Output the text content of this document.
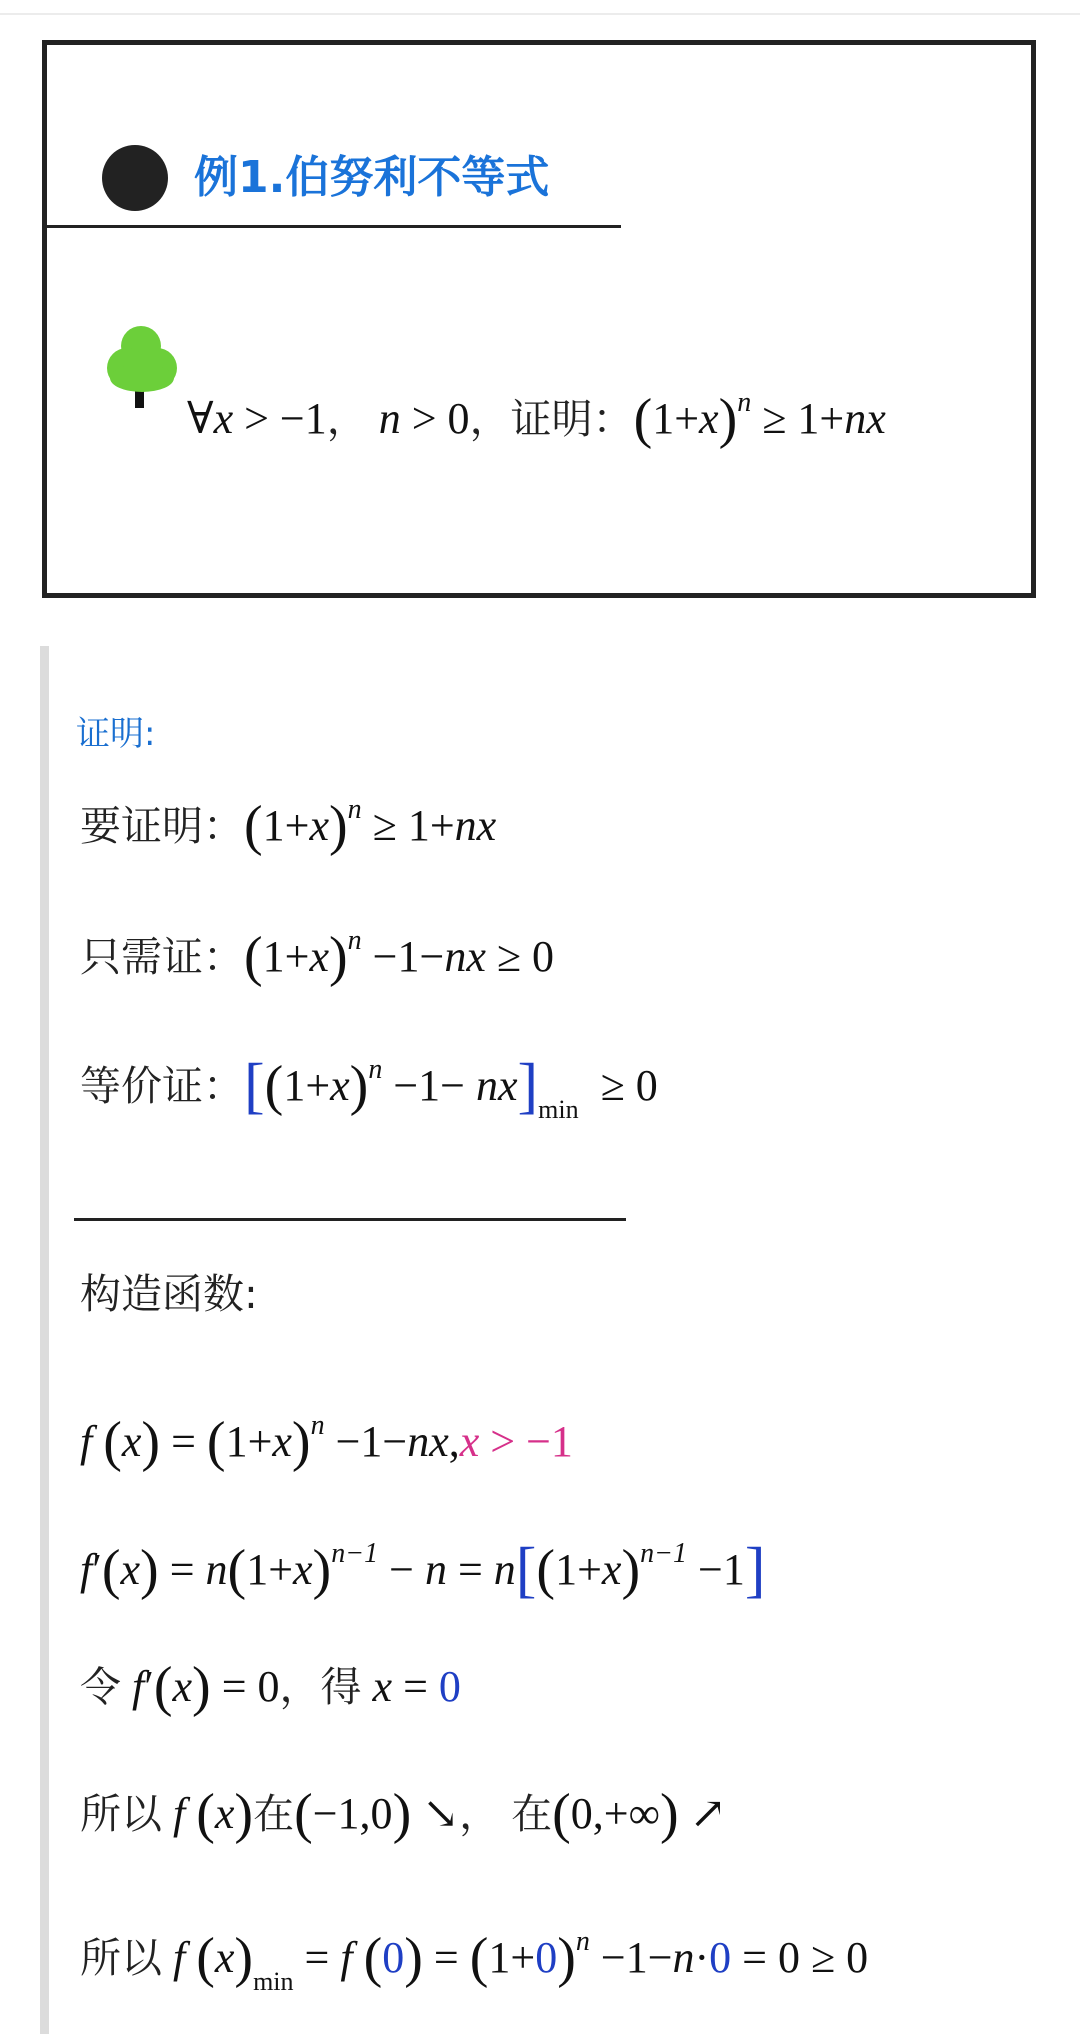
例1.伯努利不等式
∀x > −1， n > 0，证明：$(1+x)^n \ge 1+nx$
证明:
要证明：$(1+x)^n \ge 1+nx$
只需证：$(1+x)^n -1-nx \ge 0$
等价证：$[(1+x)^n -1- nx]_{min} \ge 0$
构造函数:
f $(x) = (1+x)^n -1-nx,x > -1$
$f'(x) = n(1+x)^{n-1} - n = n[(1+x)^{n-1} -1]$
令 f′(x) = 0，得 x = 0
所以 f (x)在(−1,0) ↘， 在(0,+∞) ↗
所以 f $(x)_{min} = f$ $(0) = (1+0)^n -1-n\cdot 0 = 0 \ge 0$
